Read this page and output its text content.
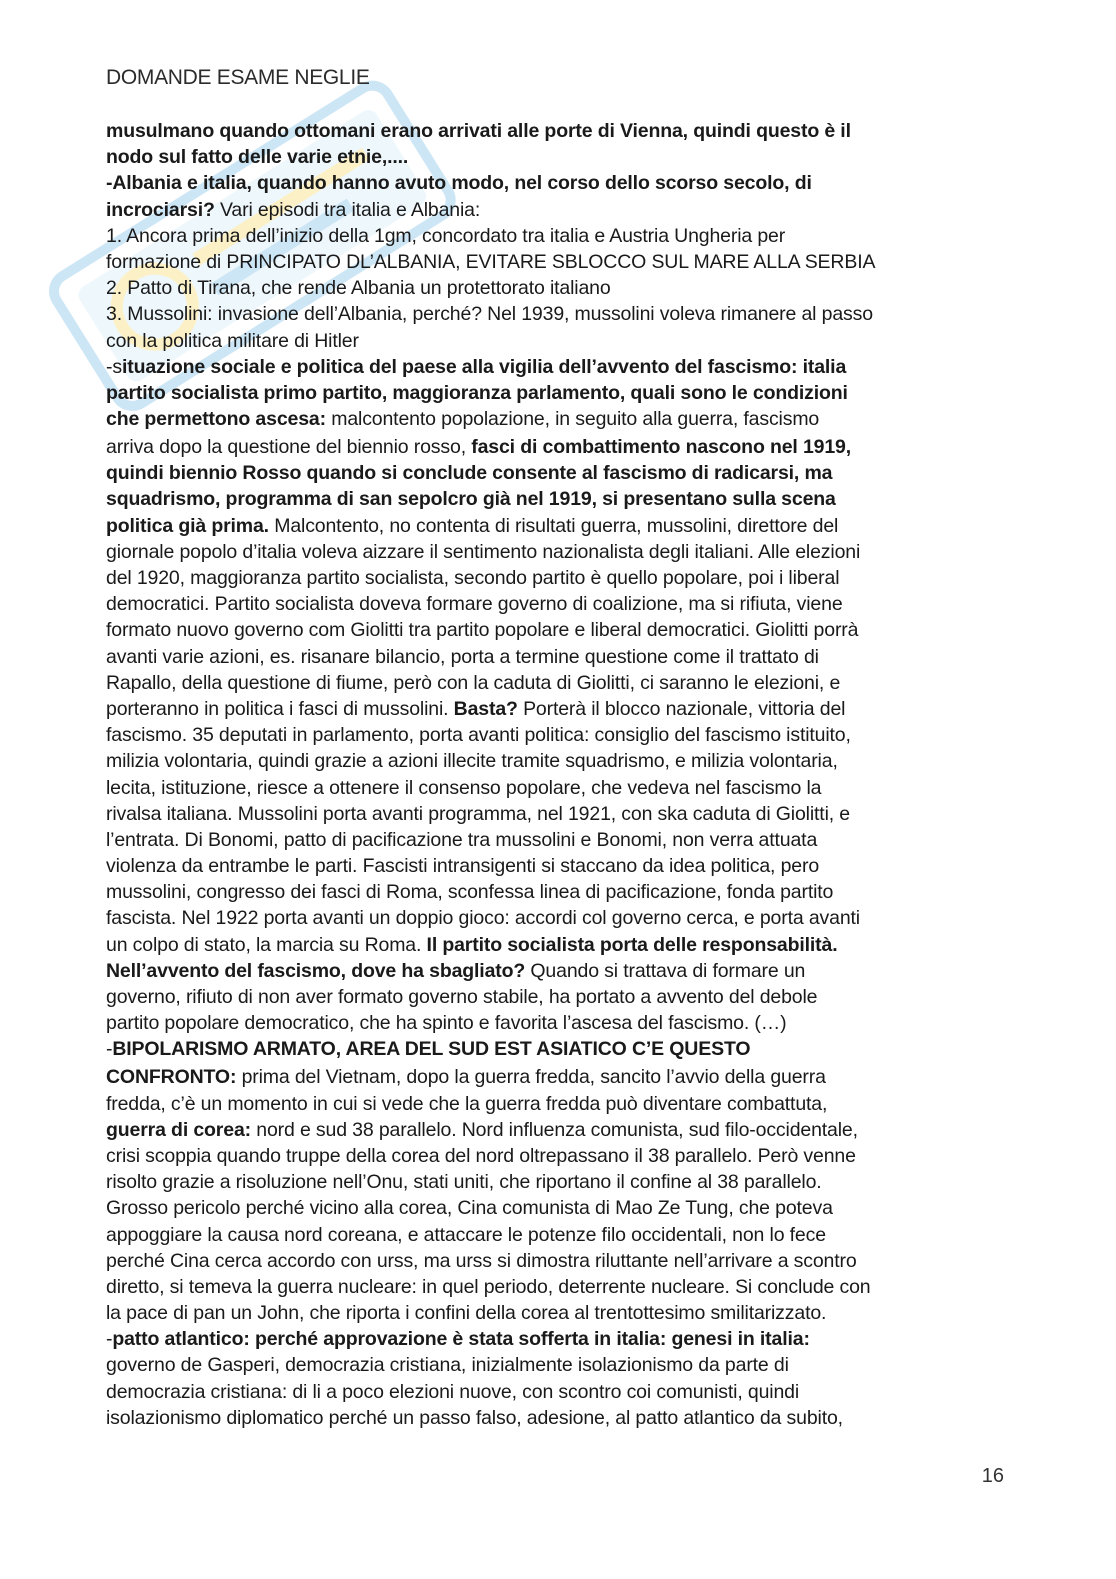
DOMANDE ESAME NEGLIE
musulmano quando ottomani erano arrivati alle porte di Vienna, quindi questo è il
nodo sul fatto delle varie etnie,....
-Albania e italia, quando hanno avuto modo, nel corso dello scorso secolo, di
incrociarsi? Vari episodi tra italia e Albania:
1. Ancora prima dell’inizio della 1gm, concordato tra italia e Austria Ungheria per
formazione di PRINCIPATO DL’ALBANIA, EVITARE SBLOCCO SUL MARE ALLA SERBIA
2. Patto di Tirana, che rende Albania un protettorato italiano
3. Mussolini: invasione dell’Albania, perché? Nel 1939, mussolini voleva rimanere al passo
con la politica militare di Hitler
-situazione sociale e politica del paese alla vigilia dell’avvento del fascismo: italia
partito socialista primo partito, maggioranza parlamento, quali sono le condizioni
che permettono ascesa: malcontento popolazione, in seguito alla guerra, fascismo
arriva dopo la questione del biennio rosso, fasci di combattimento nascono nel 1919,
quindi biennio Rosso quando si conclude consente al fascismo di radicarsi, ma
squadrismo, programma di san sepolcro già nel 1919, si presentano sulla scena
politica già prima. Malcontento, no contenta di risultati guerra, mussolini, direttore del
giornale popolo d’italia voleva aizzare il sentimento nazionalista degli italiani. Alle elezioni
del 1920, maggioranza partito socialista, secondo partito è quello popolare, poi i liberal
democratici. Partito socialista doveva formare governo di coalizione, ma si rifiuta, viene
formato nuovo governo com Giolitti tra partito popolare e liberal democratici. Giolitti porrà
avanti varie azioni, es. risanare bilancio, porta a termine questione come il trattato di
Rapallo, della questione di fiume, però con la caduta di Giolitti, ci saranno le elezioni, e
porteranno in politica i fasci di mussolini. Basta? Porterà il blocco nazionale, vittoria del
fascismo. 35 deputati in parlamento, porta avanti politica: consiglio del fascismo istituito,
milizia volontaria, quindi grazie a azioni illecite tramite squadrismo, e milizia volontaria,
lecita, istituzione, riesce a ottenere il consenso popolare, che vedeva nel fascismo la
rivalsa italiana. Mussolini porta avanti programma, nel 1921, con ska caduta di Giolitti, e
l’entrata. Di Bonomi, patto di pacificazione tra mussolini e Bonomi, non verra attuata
violenza da entrambe le parti. Fascisti intransigenti si staccano da idea politica, pero
mussolini, congresso dei fasci di Roma, sconfessa linea di pacificazione, fonda partito
fascista. Nel 1922 porta avanti un doppio gioco: accordi col governo cerca, e porta avanti
un colpo di stato, la marcia su Roma. Il partito socialista porta delle responsabilità.
Nell’avvento del fascismo, dove ha sbagliato? Quando si trattava di formare un
governo, rifiuto di non aver formato governo stabile, ha portato a avvento del debole
partito popolare democratico, che ha spinto e favorita l’ascesa del fascismo. (…)
-BIPOLARISMO ARMATO, AREA DEL SUD EST ASIATICO C’E QUESTO
CONFRONTO: prima del Vietnam, dopo la guerra fredda, sancito l’avvio della guerra
fredda, c’è un momento in cui si vede che la guerra fredda può diventare combattuta,
guerra di corea: nord e sud 38 parallelo. Nord influenza comunista, sud filo-occidentale,
crisi scoppia quando truppe della corea del nord oltrepassano il 38 parallelo. Però venne
risolto grazie a risoluzione nell’Onu, stati uniti, che riportano il confine al 38 parallelo.
Grosso pericolo perché vicino alla corea, Cina comunista di Mao Ze Tung, che poteva
appoggiare la causa nord coreana, e attaccare le potenze filo occidentali, non lo fece
perché Cina cerca accordo con urss, ma urss si dimostra riluttante nell’arrivare a scontro
diretto, si temeva la guerra nucleare: in quel periodo, deterrente nucleare. Si conclude con
la pace di pan un John, che riporta i confini della corea al trentottesimo smilitarizzato.
-patto atlantico: perché approvazione è stata sofferta in italia: genesi in italia:
governo de Gasperi, democrazia cristiana, inizialmente isolazionismo da parte di
democrazia cristiana: di li a poco elezioni nuove, con scontro coi comunisti, quindi
isolazionismo diplomatico perché un passo falso, adesione, al patto atlantico da subito,
16
